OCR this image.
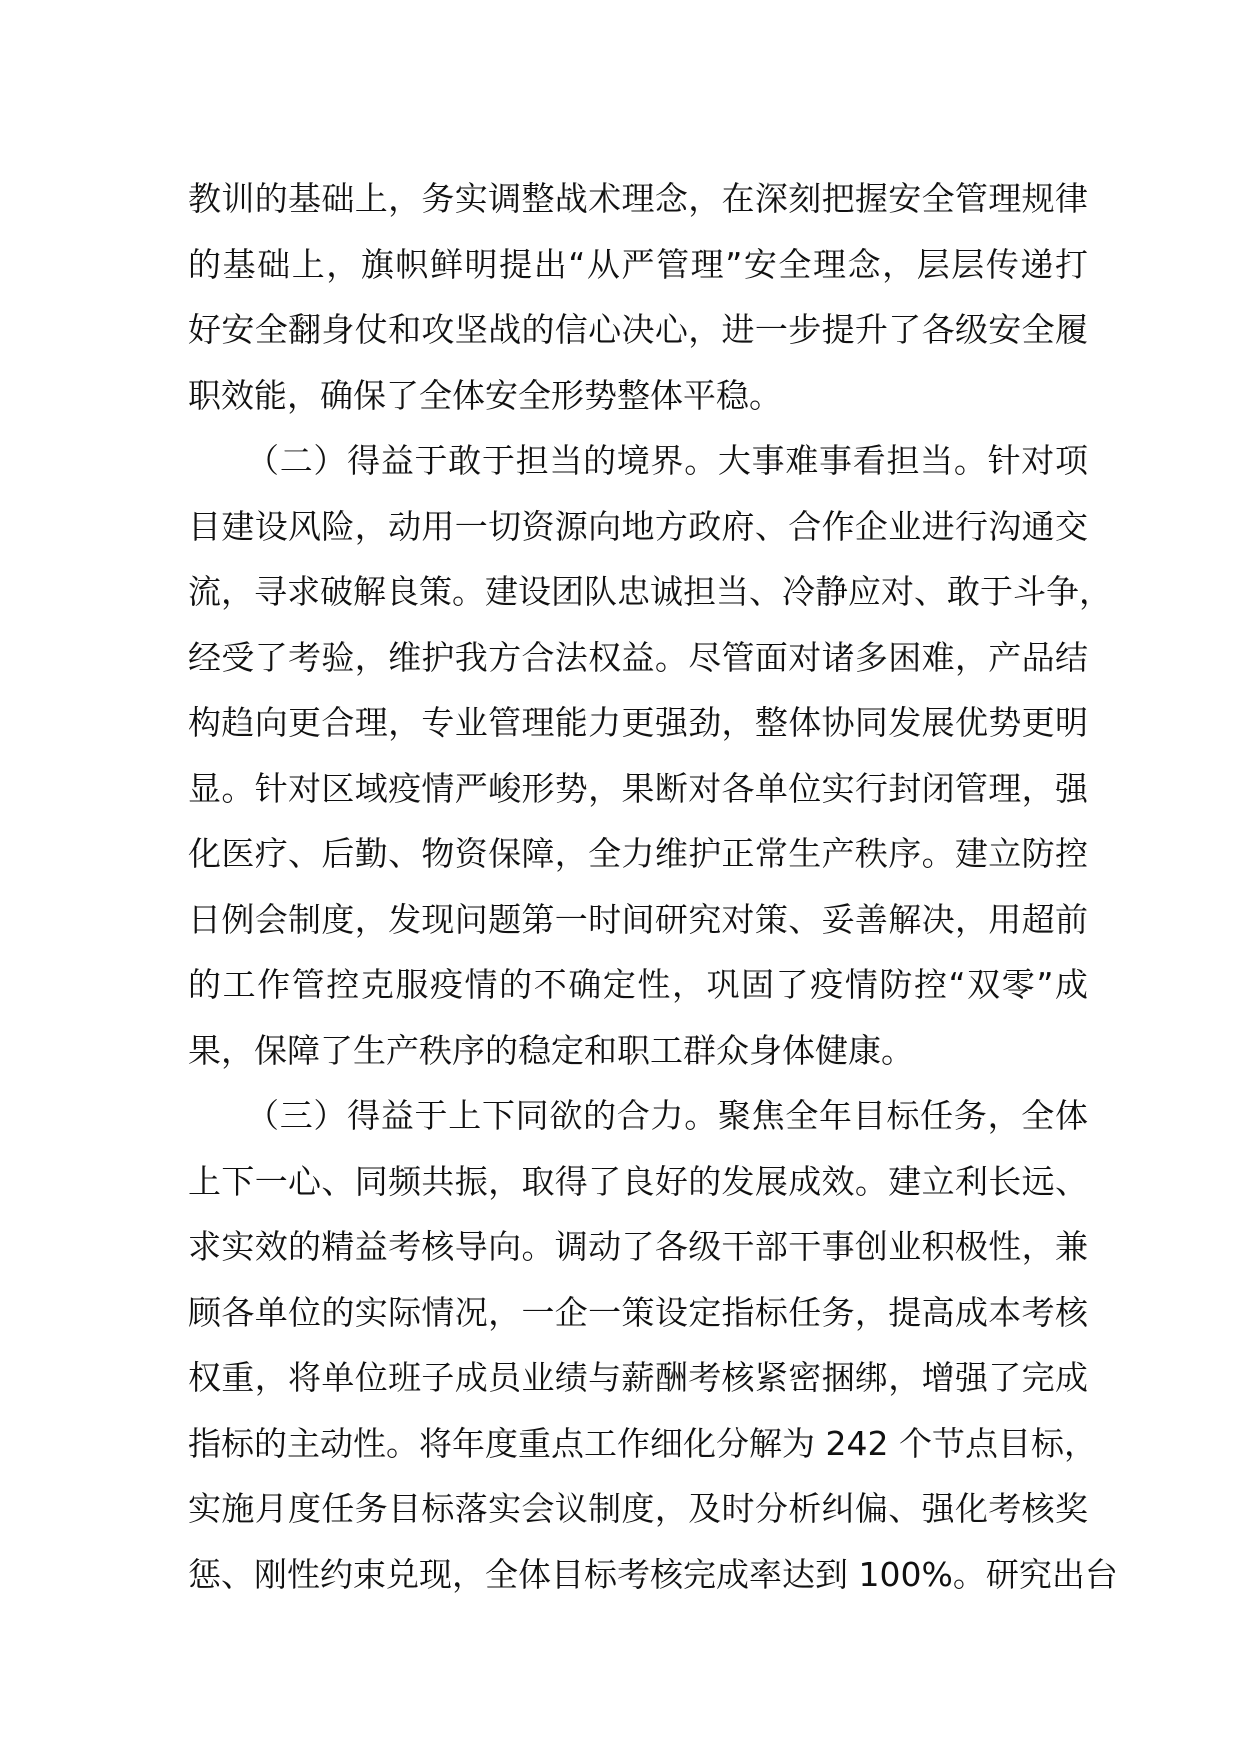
教训的基础上，务实调整战术理念，在深刻把握安全管理规律
的基础上，旗帜鲜明提出“从严管理”安全理念，层层传递打
好安全翻身仗和攻坚战的信心决心，进一步提升了各级安全履
职效能，确保了全体安全形势整体平稳。
（二）得益于敢于担当的境界。大事难事看担当。针对项
目建设风险，动用一切资源向地方政府、合作企业进行沟通交
流，寻求破解良策。建设团队忠诚担当、冷静应对、敢于斗争，
经受了考验，维护我方合法权益。尽管面对诸多困难，产品结
构趋向更合理，专业管理能力更强劲，整体协同发展优势更明
显。针对区域疫情严峻形势，果断对各单位实行封闭管理，强
化医疗、后勤、物资保障，全力维护正常生产秩序。建立防控
日例会制度，发现问题第一时间研究对策、妥善解决，用超前
的工作管控克服疫情的不确定性，巩固了疫情防控“双零”成
果，保障了生产秩序的稳定和职工群众身体健康。
（三）得益于上下同欲的合力。聚焦全年目标任务，全体
上下一心、同频共振，取得了良好的发展成效。建立利长远、
求实效的精益考核导向。调动了各级干部干事创业积极性，兼
顾各单位的实际情况，一企一策设定指标任务，提高成本考核
权重，将单位班子成员业绩与薪酬考核紧密捆绑，增强了完成
指标的主动性。将年度重点工作细化分解为 242 个节点目标，
实施月度任务目标落实会议制度，及时分析纠偏、强化考核奖
惩、刚性约束兑现，全体目标考核完成率达到 100%。研究出台
